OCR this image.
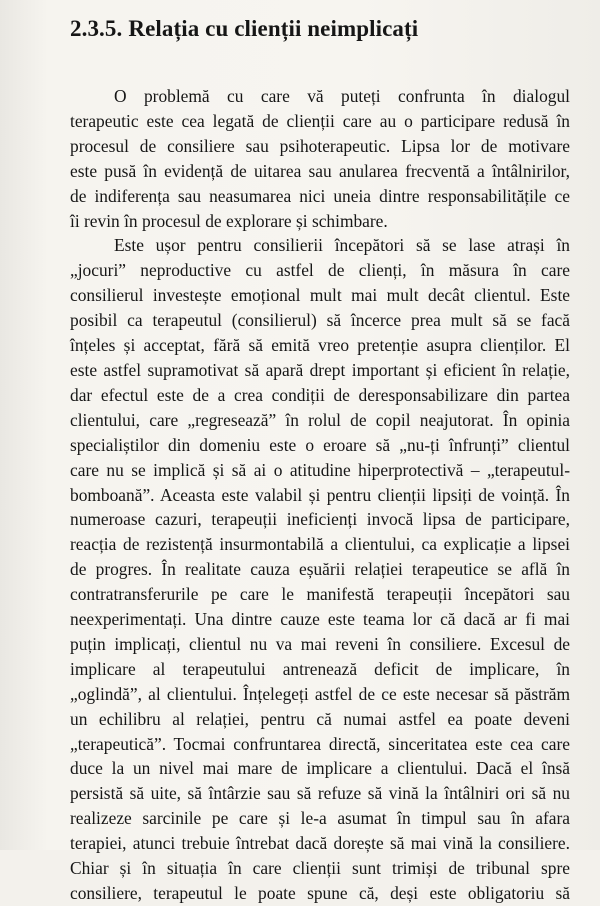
2.3.5. Relația cu clienții neimplicați
O problemă cu care vă puteți confrunta în dialogul
terapeutic este cea legată de clienții care au o participare redusă în
procesul de consiliere sau psihoterapeutic. Lipsa lor de motivare
este pusă în evidență de uitarea sau anularea frecventă a întâlnirilor,
de indiferența sau neasumarea nici uneia dintre responsabilitățile ce
îi revin în procesul de explorare și schimbare.
Este ușor pentru consilierii începători să se lase atrași în
„jocuri” neproductive cu astfel de clienți, în măsura în care
consilierul investește emoțional mult mai mult decât clientul. Este
posibil ca terapeutul (consilierul) să încerce prea mult să se facă
înțeles și acceptat, fără să emită vreo pretenție asupra clienților. El
este astfel supramotivat să apară drept important și eficient în relație,
dar efectul este de a crea condiții de deresponsabilizare din partea
clientului, care „regresează” în rolul de copil neajutorat. În opinia
specialiștilor din domeniu este o eroare să „nu-ți înfrunți” clientul
care nu se implică și să ai o atitudine hiperprotectivă – „terapeutul-
bomboană”. Aceasta este valabil și pentru clienții lipsiți de voință. În
numeroase cazuri, terapeuții ineficienți invocă lipsa de participare,
reacția de rezistență insurmontabilă a clientului, ca explicație a lipsei
de progres. În realitate cauza eșuării relației terapeutice se află în
contratransferurile pe care le manifestă terapeuții începători sau
neexperimentați. Una dintre cauze este teama lor că dacă ar fi mai
puțin implicați, clientul nu va mai reveni în consiliere. Excesul de
implicare al terapeutului antrenează deficit de implicare, în
„oglindă”, al clientului. Înțelegeți astfel de ce este necesar să păstrăm
un echilibru al relației, pentru că numai astfel ea poate deveni
„terapeutică”. Tocmai confruntarea directă, sinceritatea este cea care
duce la un nivel mai mare de implicare a clientului. Dacă el însă
persistă să uite, să întârzie sau să refuze să vină la întâlniri ori să nu
realizeze sarcinile pe care și le-a asumat în timpul sau în afara
terapiei, atunci trebuie întrebat dacă dorește să mai vină la consiliere.
Chiar și în situația în care clienții sunt trimiși de tribunal spre
consiliere, terapeutul le poate spune că, deși este obligatoriu să
